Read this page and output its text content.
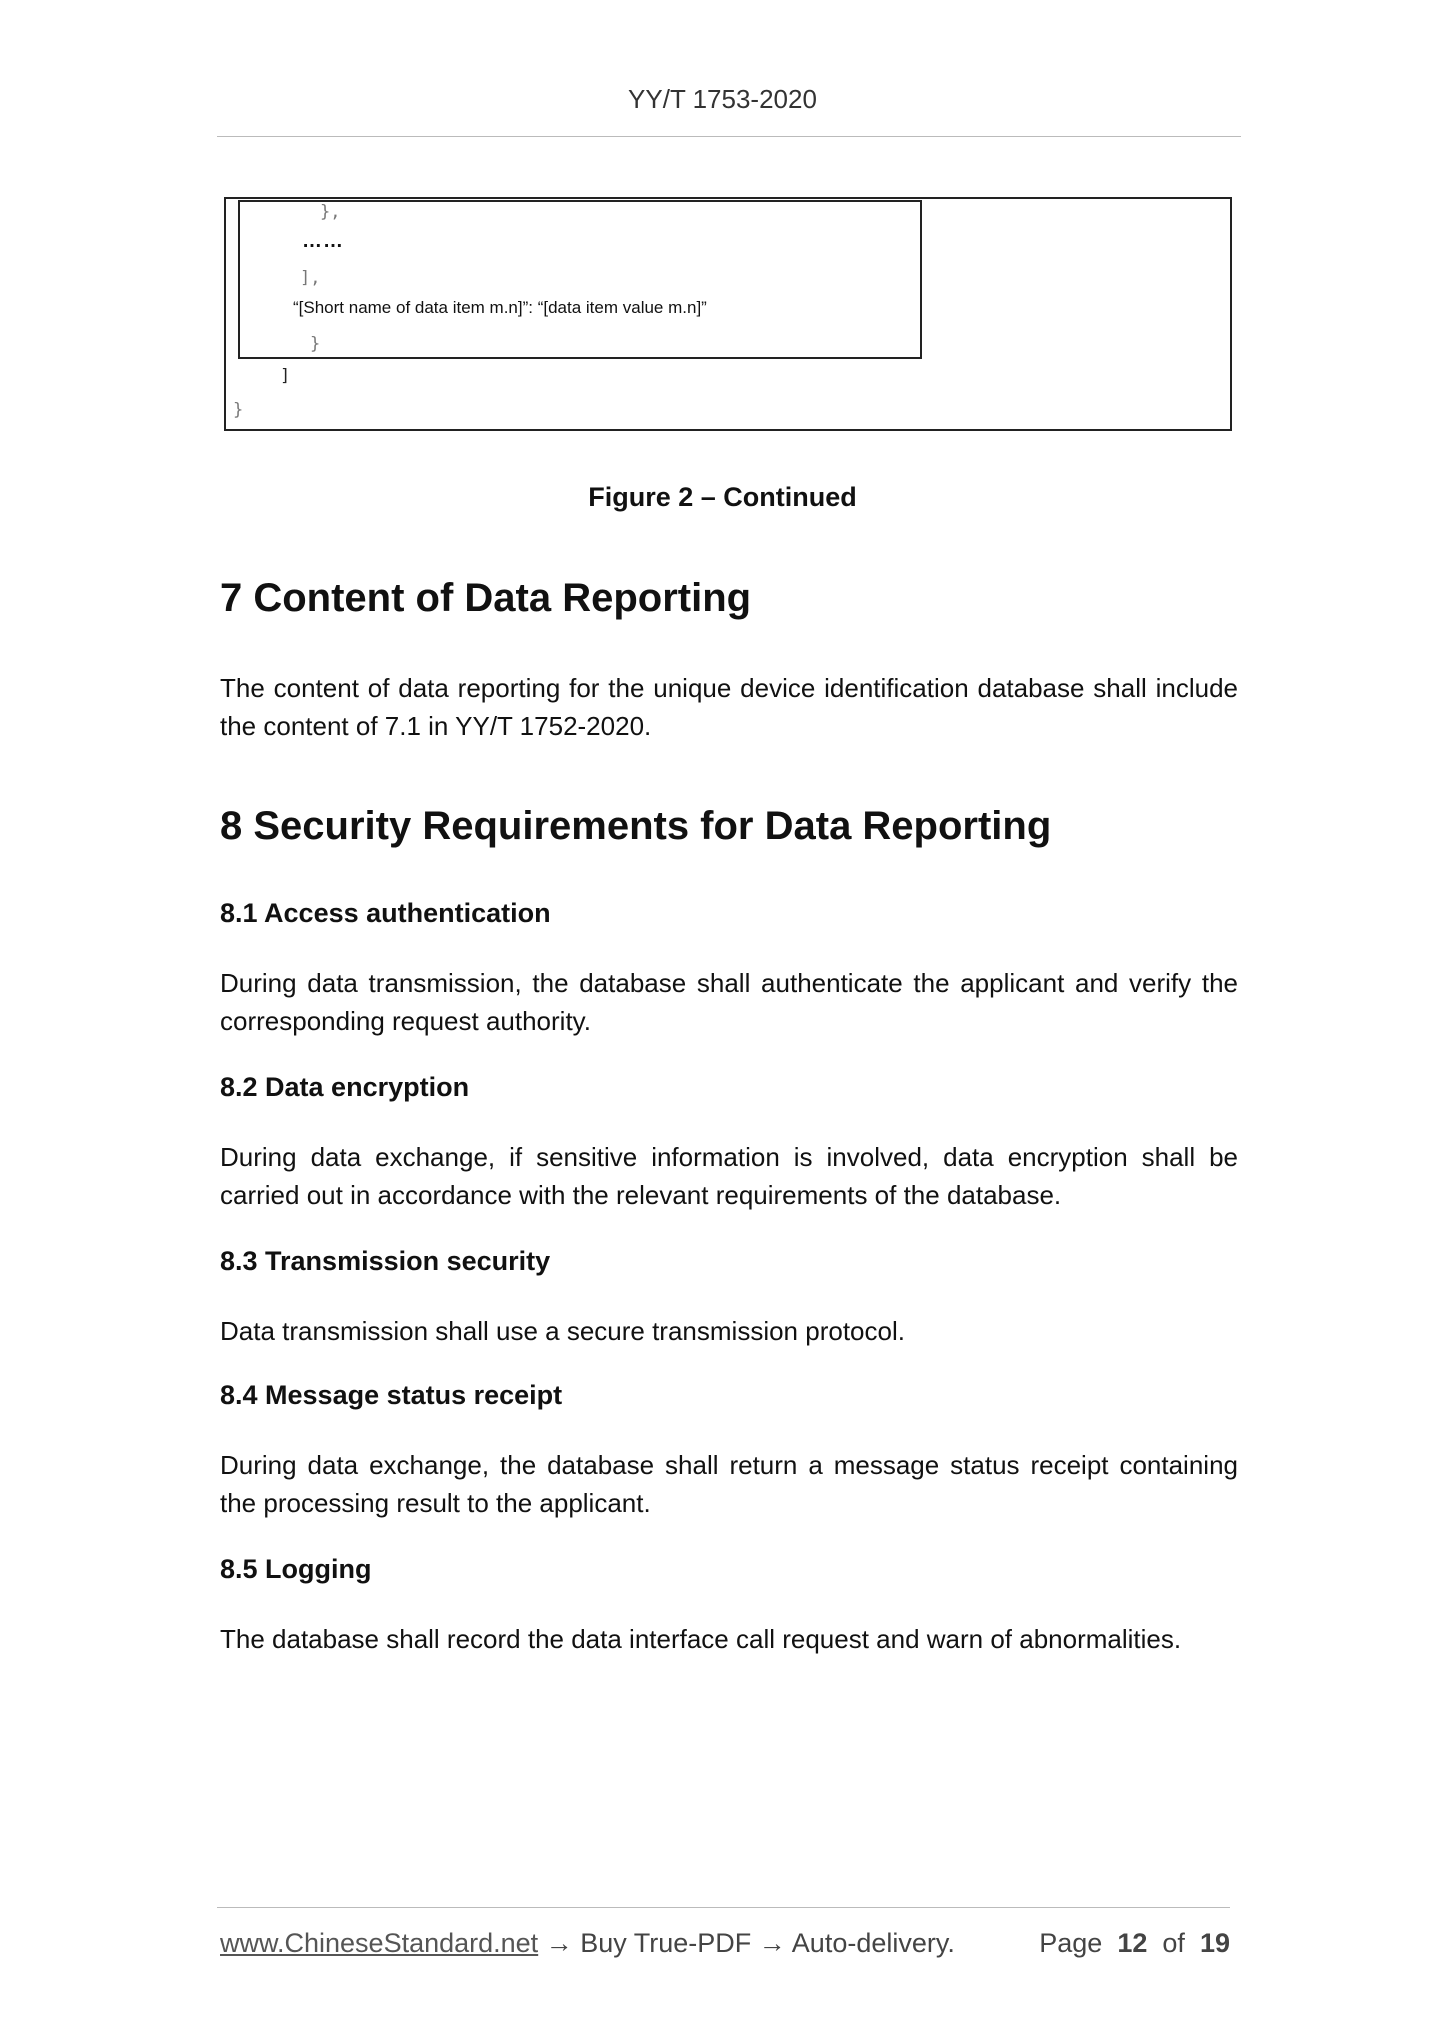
YY/T 1753-2020
},
……
],
“[Short name of data item m.n]”: “[data item value m.n]”
}
]
}
Figure 2 – Continued
7 Content of Data Reporting

The content of data reporting for the unique device identification database shall include the content of 7.1 in YY/T 1752-2020.

8 Security Requirements for Data Reporting
8.1 Access authentication

During data transmission, the database shall authenticate the applicant and verify the corresponding request authority.

8.2 Data encryption

During data exchange, if sensitive information is involved, data encryption shall be carried out in accordance with the relevant requirements of the database.

8.3 Transmission security

Data transmission shall use a secure transmission protocol.

8.4 Message status receipt

During data exchange, the database shall return a message status receipt containing the processing result to the applicant.

8.5 Logging

The database shall record the data interface call request and warn of abnormalities.

www.ChineseStandard.net → Buy True-PDF → Auto-delivery.	Page 12 of 19
